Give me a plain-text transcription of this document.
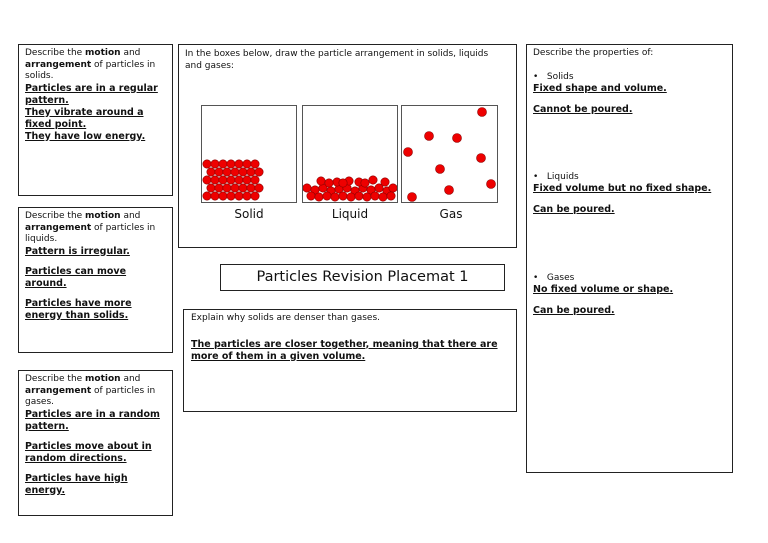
Describe the motion and arrangement of particles in solids.
Particles are in a regular pattern.
They vibrate around a fixed point.
They have low energy.
Describe the motion and arrangement of particles in liquids.
Pattern is irregular.
Particles can move around.
Particles have more energy than solids.
Describe the motion and arrangement of particles in gases.
Particles are in a random pattern.
Particles move about in random directions.
Particles have high energy.
In the boxes below, draw the particle arrangement in solids, liquids and gases:
Solid	Liquid	Gas
Particles Revision Placemat 1
Explain why solids are denser than gases.
The particles are closer together, meaning that there are more of them in a given volume.
Describe the properties of:
•   Solids
Fixed shape and volume.
Cannot be poured.
•   Liquids
Fixed volume but no fixed shape.
Can be poured.
•   Gases
No fixed volume or shape.
Can be poured.
